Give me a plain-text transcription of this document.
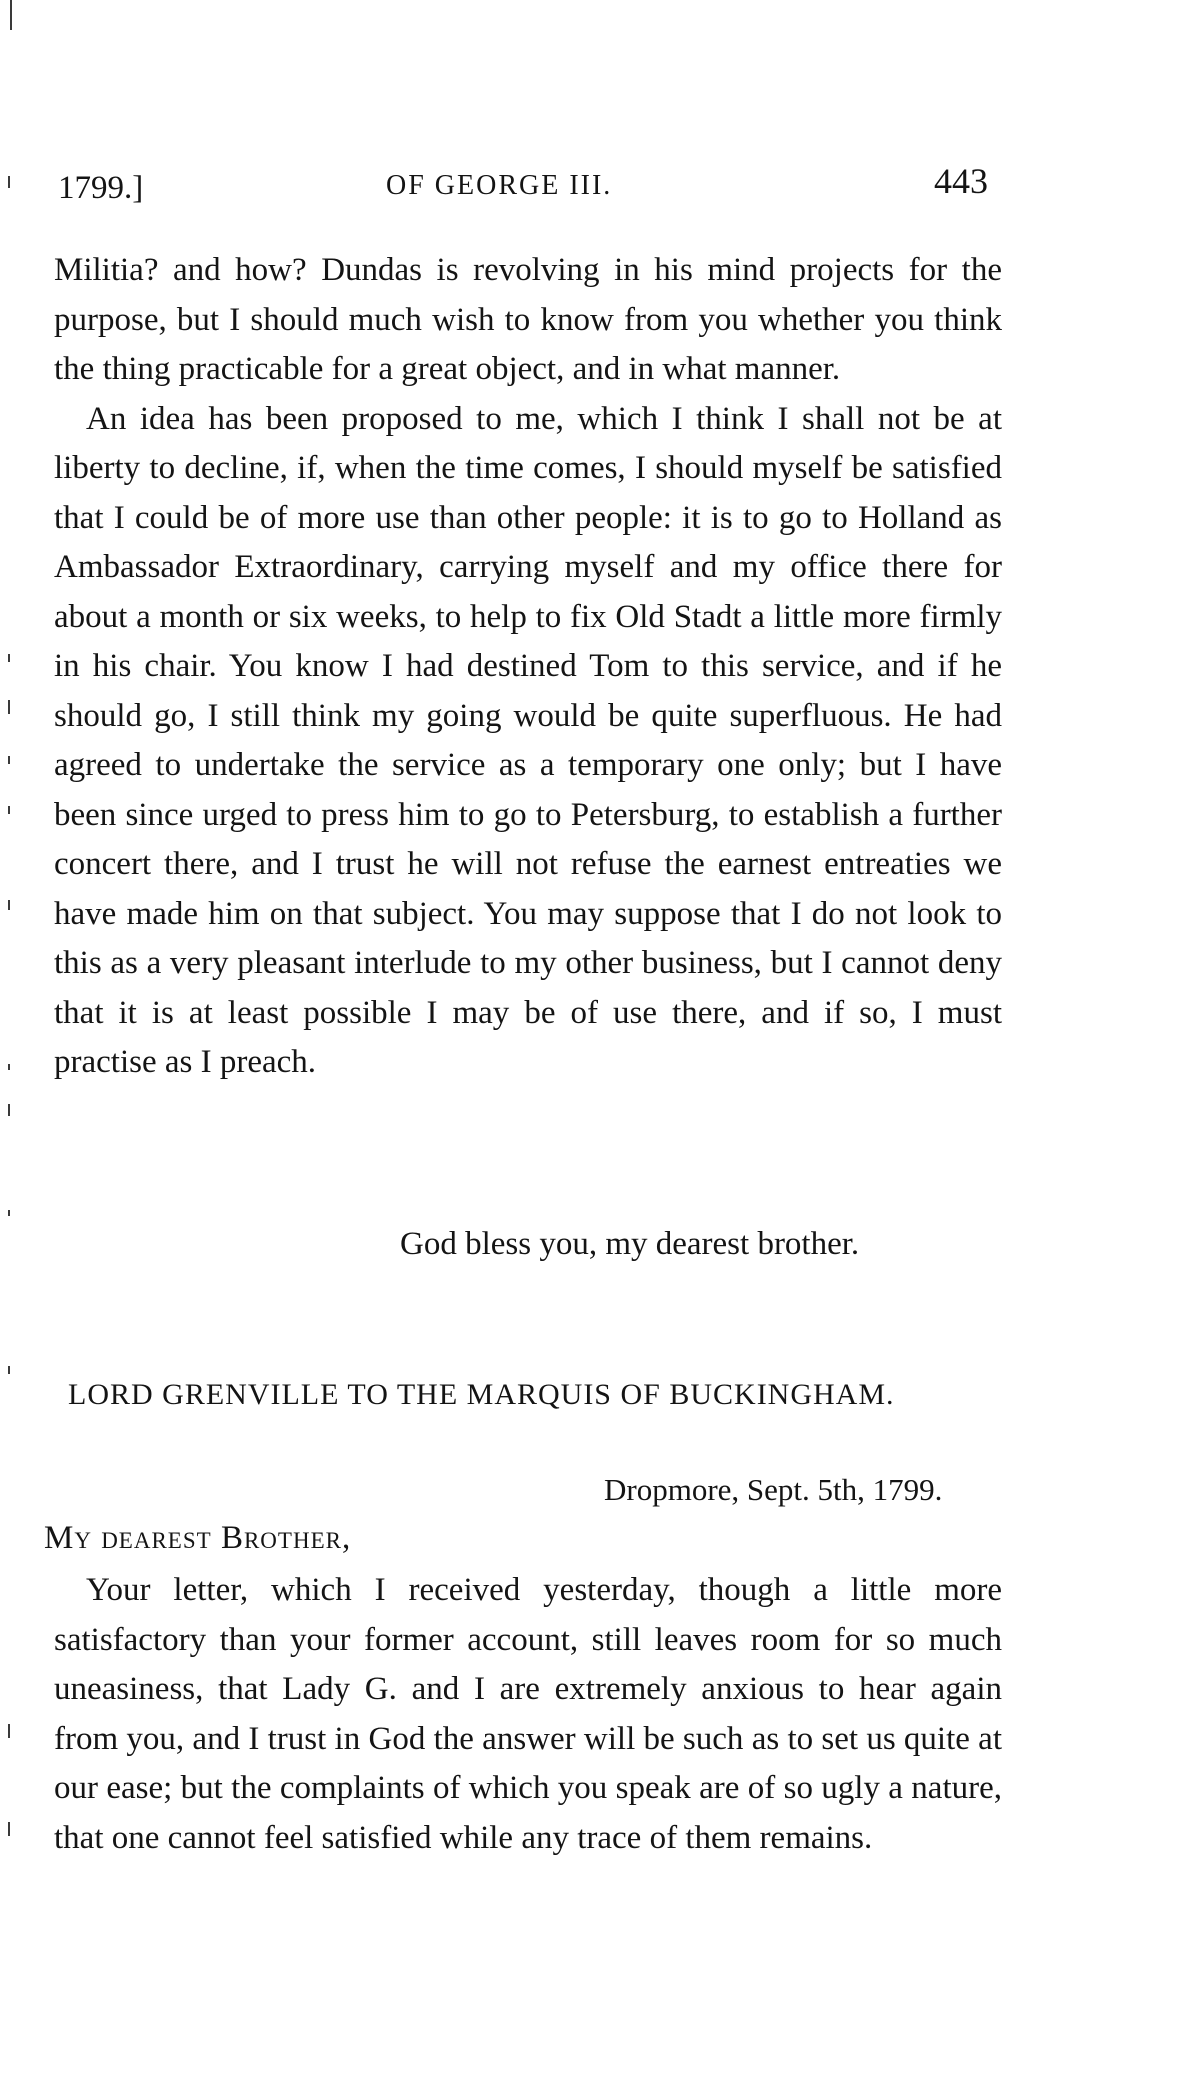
1799.]	OF GEORGE III.	443

Militia? and how? Dundas is revolving in his mind projects for the purpose, but I should much wish to know from you whether you think the thing practicable for a great object, and in what manner.

An idea has been proposed to me, which I think I shall not be at liberty to decline, if, when the time comes, I should myself be satisfied that I could be of more use than other people: it is to go to Holland as Ambassador Extraordinary, carrying myself and my office there for about a month or six weeks, to help to fix Old Stadt a little more firmly in his chair. You know I had destined Tom to this service, and if he should go, I still think my going would be quite superfluous. He had agreed to undertake the service as a temporary one only; but I have been since urged to press him to go to Petersburg, to establish a further concert there, and I trust he will not refuse the earnest entreaties we have made him on that subject. You may suppose that I do not look to this as a very pleasant interlude to my other business, but I cannot deny that it is at least possible I may be of use there, and if so, I must practise as I preach.

God bless you, my dearest brother.
LORD GRENVILLE TO THE MARQUIS OF BUCKINGHAM.
Dropmore, Sept. 5th, 1799.
My dearest Brother,

Your letter, which I received yesterday, though a little more satisfactory than your former account, still leaves room for so much uneasiness, that Lady G. and I are extremely anxious to hear again from you, and I trust in God the answer will be such as to set us quite at our ease; but the complaints of which you speak are of so ugly a nature, that one cannot feel satisfied while any trace of them remains.
